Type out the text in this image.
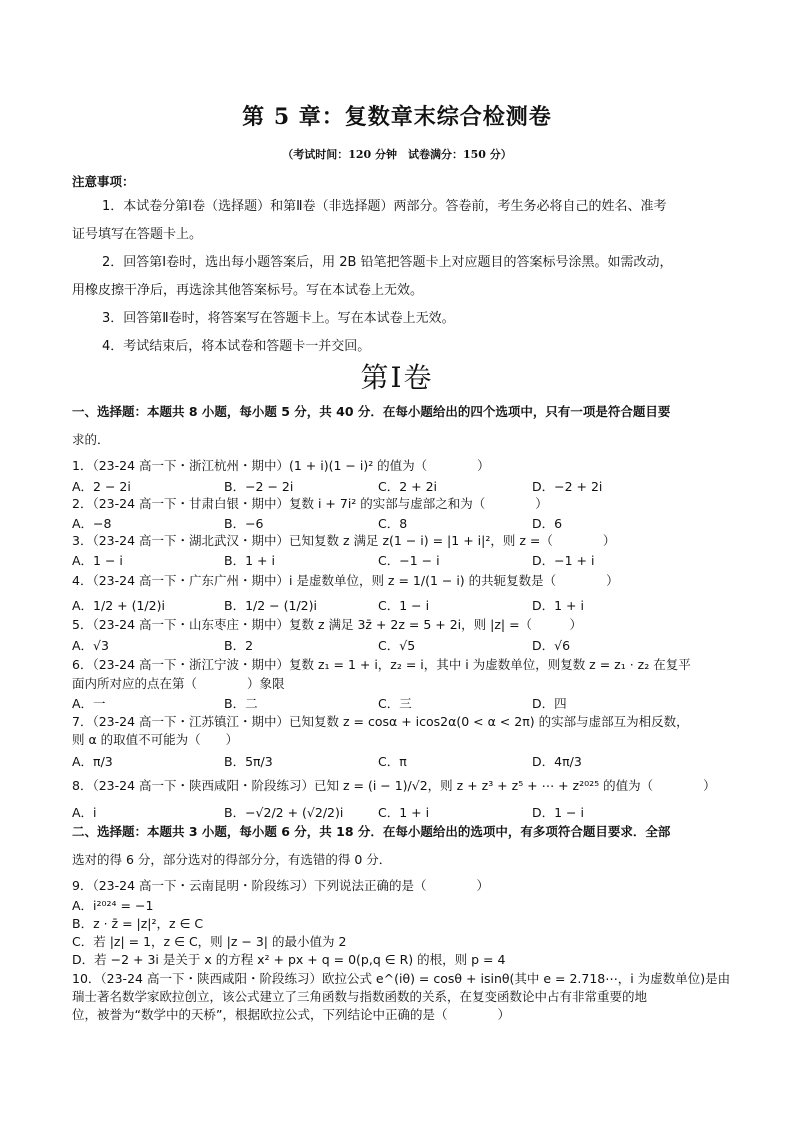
第 5 章：复数章末综合检测卷
（考试时间：120 分钟　试卷满分：150 分）
注意事项：
1．本试卷分第Ⅰ卷（选择题）和第Ⅱ卷（非选择题）两部分。答卷前，考生务必将自己的姓名、准考
证号填写在答题卡上。
2．回答第Ⅰ卷时，选出每小题答案后，用 2B 铅笔把答题卡上对应题目的答案标号涂黑。如需改动，
用橡皮擦干净后，再选涂其他答案标号。写在本试卷上无效。
3．回答第Ⅱ卷时，将答案写在答题卡上。写在本试卷上无效。
4．考试结束后，将本试卷和答题卡一并交回。
第Ⅰ卷
一、选择题：本题共 8 小题，每小题 5 分，共 40 分．在每小题给出的四个选项中，只有一项是符合题目要
求的．
1．（23-24 高一下・浙江杭州・期中）(1 + i)(1 − i)² 的值为（　　　　）
A．2 − 2i	B．−2 − 2i	C．2 + 2i	D．−2 + 2i
2．（23-24 高一下・甘肃白银・期中）复数 i + 7i² 的实部与虚部之和为（　　　　）
A．−8	B．−6	C．8	D．6
3．（23-24 高一下・湖北武汉・期中）已知复数 z 满足 z(1 − i) = |1 + i|²，则 z =（　　　　）
A．1 − i	B．1 + i	C．−1 − i	D．−1 + i
4．（23-24 高一下・广东广州・期中）i 是虚数单位，则 z = 1/(1 − i) 的共轭复数是（　　　　）
A．1/2 + (1/2)i	B．1/2 − (1/2)i	C．1 − i	D．1 + i
5．（23-24 高一下・山东枣庄・期中）复数 z 满足 3z̄ + 2z = 5 + 2i，则 |z| =（　　　）
A．√3	B．2	C．√5	D．√6
6．（23-24 高一下・浙江宁波・期中）复数 z₁ = 1 + i，z₂ = i，其中 i 为虚数单位，则复数 z = z₁ · z₂ 在复平
面内所对应的点在第（　　　　）象限
A．一	B．二	C．三	D．四
7．（23-24 高一下・江苏镇江・期中）已知复数 z = cosα + icos2α(0 < α < 2π) 的实部与虚部互为相反数，
则 α 的取值不可能为（　　）
A．π/3	B．5π/3	C．π	D．4π/3
8．（23-24 高一下・陕西咸阳・阶段练习）已知 z = (i − 1)/√2，则 z + z³ + z⁵ + ⋯ + z²⁰²⁵ 的值为（　　　　）
A．i	B．−√2/2 + (√2/2)i	C．1 + i	D．1 − i
二、选择题：本题共 3 小题，每小题 6 分，共 18 分．在每小题给出的选项中，有多项符合题目要求．全部
选对的得 6 分，部分选对的得部分分，有选错的得 0 分．
9．（23-24 高一下・云南昆明・阶段练习）下列说法正确的是（　　　　）
A．i²⁰²⁴ = −1
B．z · z̄ = |z|²，z ∈ C
C．若 |z| = 1，z ∈ C，则 |z − 3| 的最小值为 2
D．若 −2 + 3i 是关于 x 的方程 x² + px + q = 0(p,q ∈ R) 的根，则 p = 4
10．（23-24 高一下・陕西咸阳・阶段练习）欧拉公式 e^(iθ) = cosθ + isinθ(其中 e = 2.718⋯，i 为虚数单位)是由
瑞士著名数学家欧拉创立，该公式建立了三角函数与指数函数的关系，在复变函数论中占有非常重要的地
位，被誉为“数学中的天桥”，根据欧拉公式，下列结论中正确的是（　　　　）
